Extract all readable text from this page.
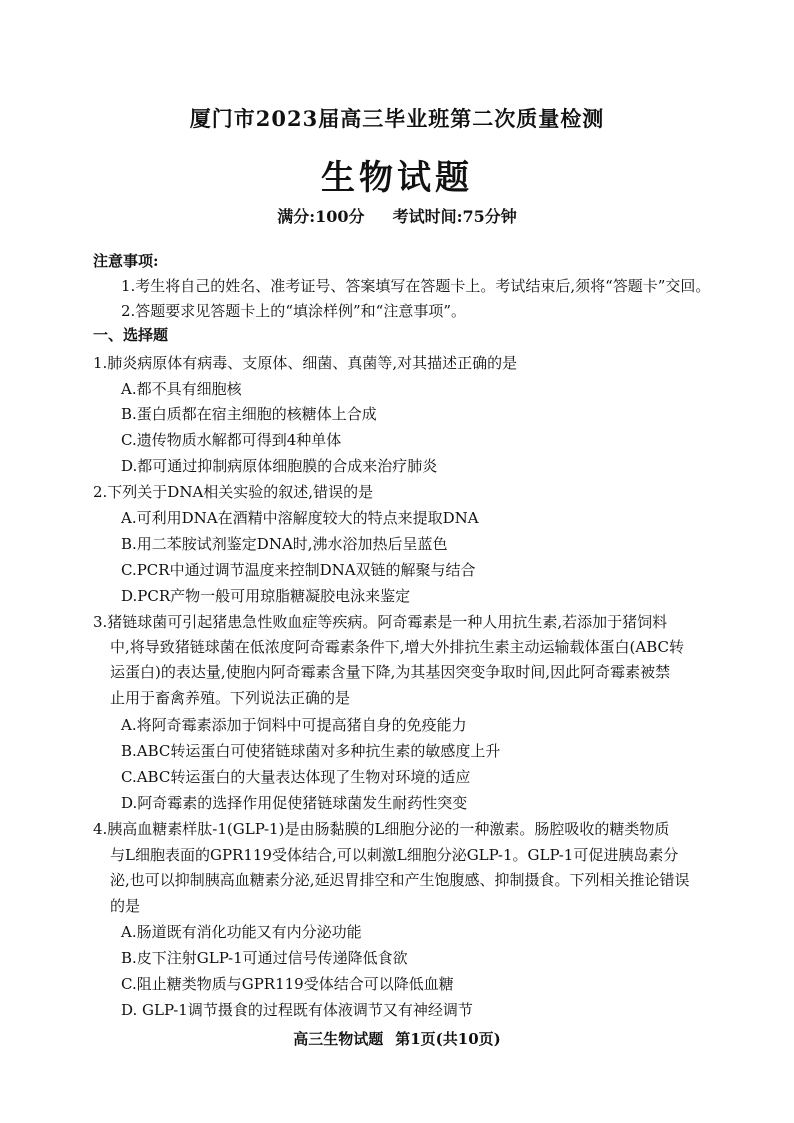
厦门市2023届高三毕业班第二次质量检测
生物试题
满分:100分 考试时间:75分钟
注意事项:
1.考生将自己的姓名、准考证号、答案填写在答题卡上。考试结束后,须将“答题卡”交回。
2.答题要求见答题卡上的“填涂样例”和“注意事项”。
一、选择题
1.肺炎病原体有病毒、支原体、细菌、真菌等,对其描述正确的是
A.都不具有细胞核
B.蛋白质都在宿主细胞的核糖体上合成
C.遗传物质水解都可得到4种单体
D.都可通过抑制病原体细胞膜的合成来治疗肺炎
2.下列关于DNA相关实验的叙述,错误的是
A.可利用DNA在酒精中溶解度较大的特点来提取DNA
B.用二苯胺试剂鉴定DNA时,沸水浴加热后呈蓝色
C.PCR中通过调节温度来控制DNA双链的解聚与结合
D.PCR产物一般可用琼脂糖凝胶电泳来鉴定
3.猪链球菌可引起猪患急性败血症等疾病。阿奇霉素是一种人用抗生素,若添加于猪饲料
中,将导致猪链球菌在低浓度阿奇霉素条件下,增大外排抗生素主动运输载体蛋白(ABC转
运蛋白)的表达量,使胞内阿奇霉素含量下降,为其基因突变争取时间,因此阿奇霉素被禁
止用于畜禽养殖。下列说法正确的是
A.将阿奇霉素添加于饲料中可提高猪自身的免疫能力
B.ABC转运蛋白可使猪链球菌对多种抗生素的敏感度上升
C.ABC转运蛋白的大量表达体现了生物对环境的适应
D.阿奇霉素的选择作用促使猪链球菌发生耐药性突变
4.胰高血糖素样肽-1(GLP-1)是由肠黏膜的L细胞分泌的一种激素。肠腔吸收的糖类物质
与L细胞表面的GPR119受体结合,可以刺激L细胞分泌GLP-1。GLP-1可促进胰岛素分
泌,也可以抑制胰高血糖素分泌,延迟胃排空和产生饱腹感、抑制摄食。下列相关推论错误
的是
A.肠道既有消化功能又有内分泌功能
B.皮下注射GLP-1可通过信号传递降低食欲
C.阻止糖类物质与GPR119受体结合可以降低血糖
D. GLP-1调节摄食的过程既有体液调节又有神经调节
高三生物试题 第1页(共10页)
